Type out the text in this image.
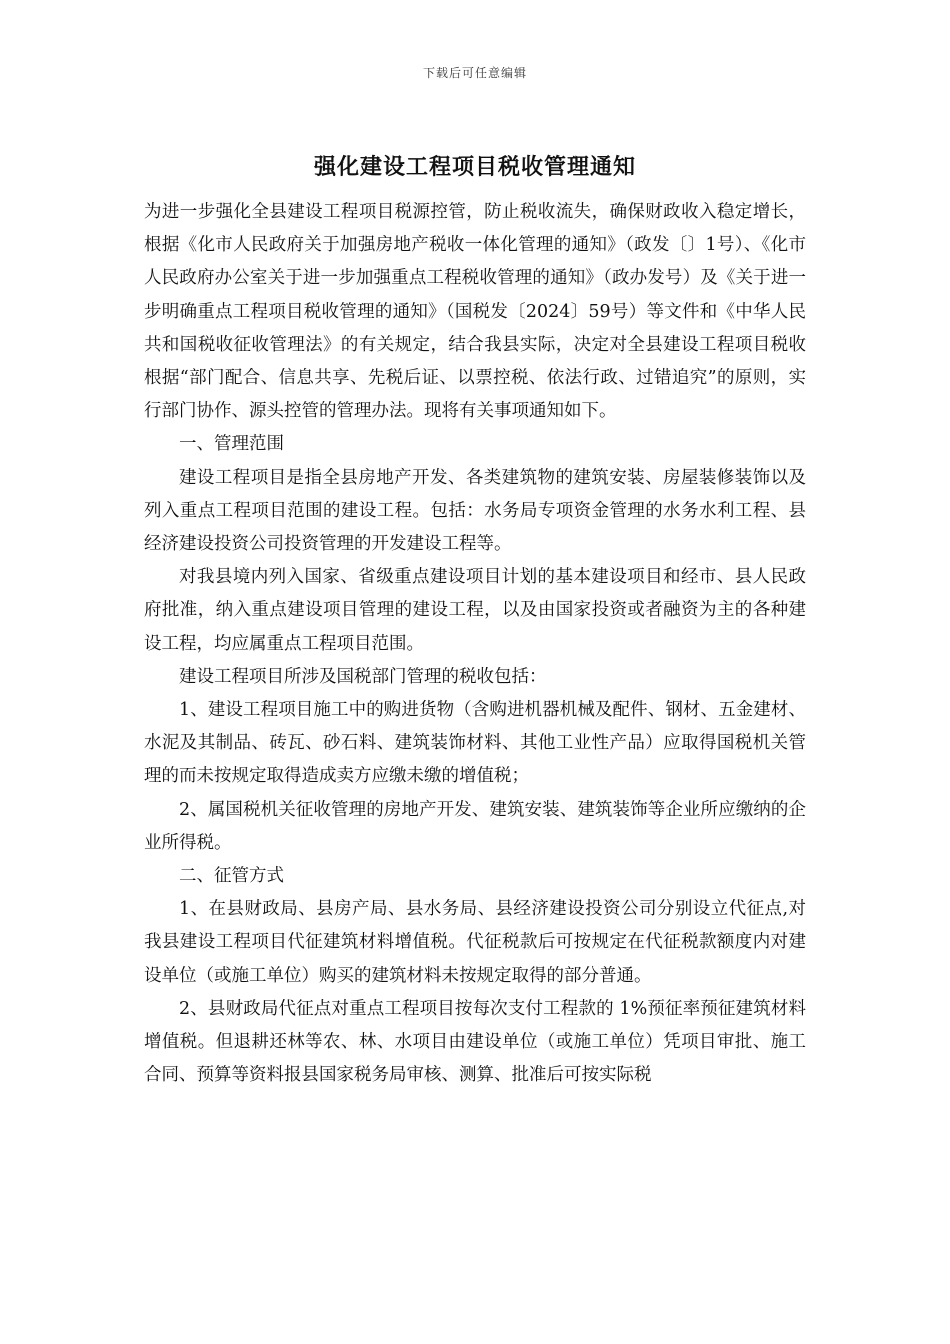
下载后可任意编辑
强化建设工程项目税收管理通知

为进一步强化全县建设工程项目税源控管，防止税收流失，确保财政收入稳定增长，根据《化市人民政府关于加强房地产税收一体化管理的通知》（政发〔〕1号）、《化市人民政府办公室关于进一步加强重点工程税收管理的通知》（政办发号）及《关于进一步明确重点工程项目税收管理的通知》（国税发〔2024〕59号）等文件和《中华人民共和国税收征收管理法》的有关规定，结合我县实际，决定对全县建设工程项目税收根据“部门配合、信息共享、先税后证、以票控税、依法行政、过错追究”的原则，实行部门协作、源头控管的管理办法。现将有关事项通知如下。

一、管理范围

建设工程项目是指全县房地产开发、各类建筑物的建筑安装、房屋装修装饰以及列入重点工程项目范围的建设工程。包括：水务局专项资金管理的水务水利工程、县经济建设投资公司投资管理的开发建设工程等。

对我县境内列入国家、省级重点建设项目计划的基本建设项目和经市、县人民政府批准，纳入重点建设项目管理的建设工程，以及由国家投资或者融资为主的各种建设工程，均应属重点工程项目范围。

建设工程项目所涉及国税部门管理的税收包括：

1、建设工程项目施工中的购进货物（含购进机器机械及配件、钢材、五金建材、水泥及其制品、砖瓦、砂石料、建筑装饰材料、其他工业性产品）应取得国税机关管理的而未按规定取得造成卖方应缴未缴的增值税；

2、属国税机关征收管理的房地产开发、建筑安装、建筑装饰等企业所应缴纳的企业所得税。

二、征管方式

1、在县财政局、县房产局、县水务局、县经济建设投资公司分别设立代征点,对我县建设工程项目代征建筑材料增值税。代征税款后可按规定在代征税款额度内对建设单位（或施工单位）购买的建筑材料未按规定取得的部分普通。

2、县财政局代征点对重点工程项目按每次支付工程款的 1%预征率预征建筑材料增值税。但退耕还林等农、林、水项目由建设单位（或施工单位）凭项目审批、施工合同、预算等资料报县国家税务局审核、测算、批准后可按实际税
